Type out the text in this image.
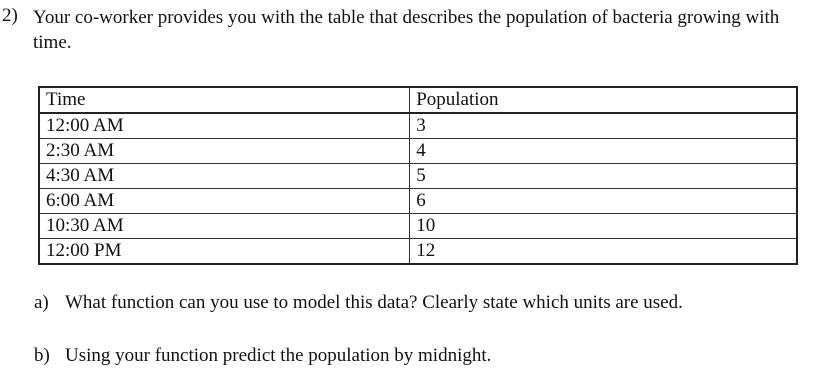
2) Your co-worker provides you with the table that describes the population of bacteria growing with time.
Time	Population
12:00 AM	3
2:30 AM	4
4:30 AM	5
6:00 AM	6
10:30 AM	10
12:00 PM	12
a) What function can you use to model this data? Clearly state which units are used.
b) Using your function predict the population by midnight.
